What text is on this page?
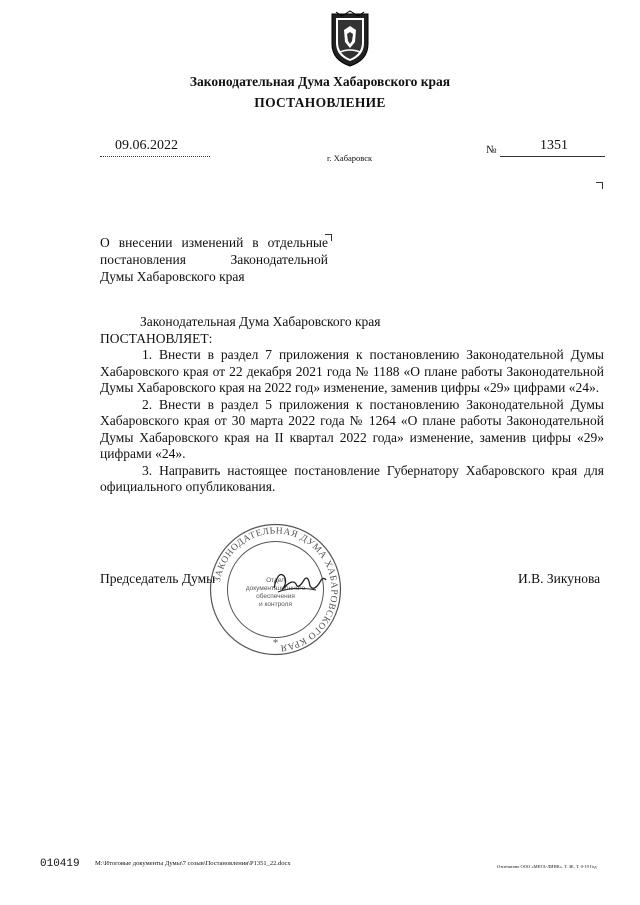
Законодательная Дума Хабаровского края
ПОСТАНОВЛЕНИЕ
09.06.2022
г. Хабаровск
№	1351
О внесении изменений в отдельные
постановления Законодательной
Думы Хабаровского края

Законодательная Дума Хабаровского края

ПОСТАНОВЛЯЕТ:

1. Внести в раздел 7 приложения к постановлению Законодательной Думы Хабаровского края от 22 декабря 2021 года № 1188 «О плане работы Законодательной Думы Хабаровского края на 2022 год» изменение, заменив цифры «29» цифрами «24».

2. Внести в раздел 5 приложения к постановлению Законодательной Думы Хабаровского края от 30 марта 2022 года № 1264 «О плане работы Законодательной Думы Хабаровского края на II квартал 2022 года» изменение, заменив цифры «29» цифрами «24».

3. Направить настоящее постановление Губернатору Хабаровского края для официального опубликования.

ЗАКОНОДАТЕЛЬНАЯ ДУМА ХАБАРОВСКОГО КРАЯ
Отдел
документационного
обеспечения
и контроля
*
Председатель Думы	И.В. Зикунова
010419 M:\Итоговые документы Думы\7 созыв\Постановления\P1351_22.docx	Отпечатано ООО «МЕГА-ЛИНК». Т. ЗЕ. Т. 0-19 Год
